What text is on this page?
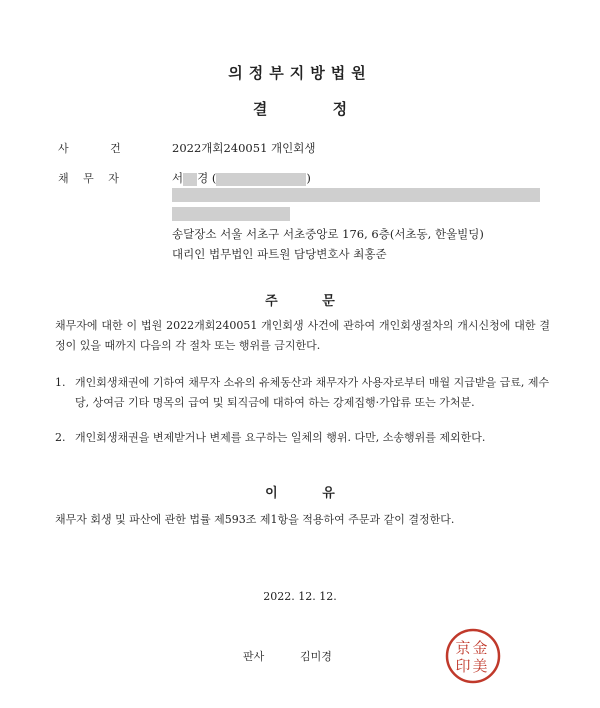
의정부지방법원
결 정
사 건	2022개회240051 개인회생
채 무 자	서 경 (	)
송달장소 서울 서초구 서초중앙로 176, 6층(서초동, 한울빌딩)
대리인 법무법인 파트원 담당변호사 최홍준
주 문
채무자에 대한 이 법원 2022개회240051 개인회생 사건에 관하여 개인회생절차의 개시신청에 대한 결정이 있을 때까지 다음의 각 절차 또는 행위를 금지한다.
1. 개인회생채권에 기하여 채무자 소유의 유체동산과 채무자가 사용자로부터 매월 지급받을 급료, 제수당, 상여금 기타 명목의 급여 및 퇴직금에 대하여 하는 강제집행·가압류 또는 가처분.
2. 개인회생채권을 변제받거나 변제를 요구하는 일체의 행위. 다만, 소송행위를 제외한다.
이 유
채무자 회생 및 파산에 관한 법률 제593조 제1항을 적용하여 주문과 같이 결정한다.
2022. 12. 12.
판사	김미경	金
美
京
印
